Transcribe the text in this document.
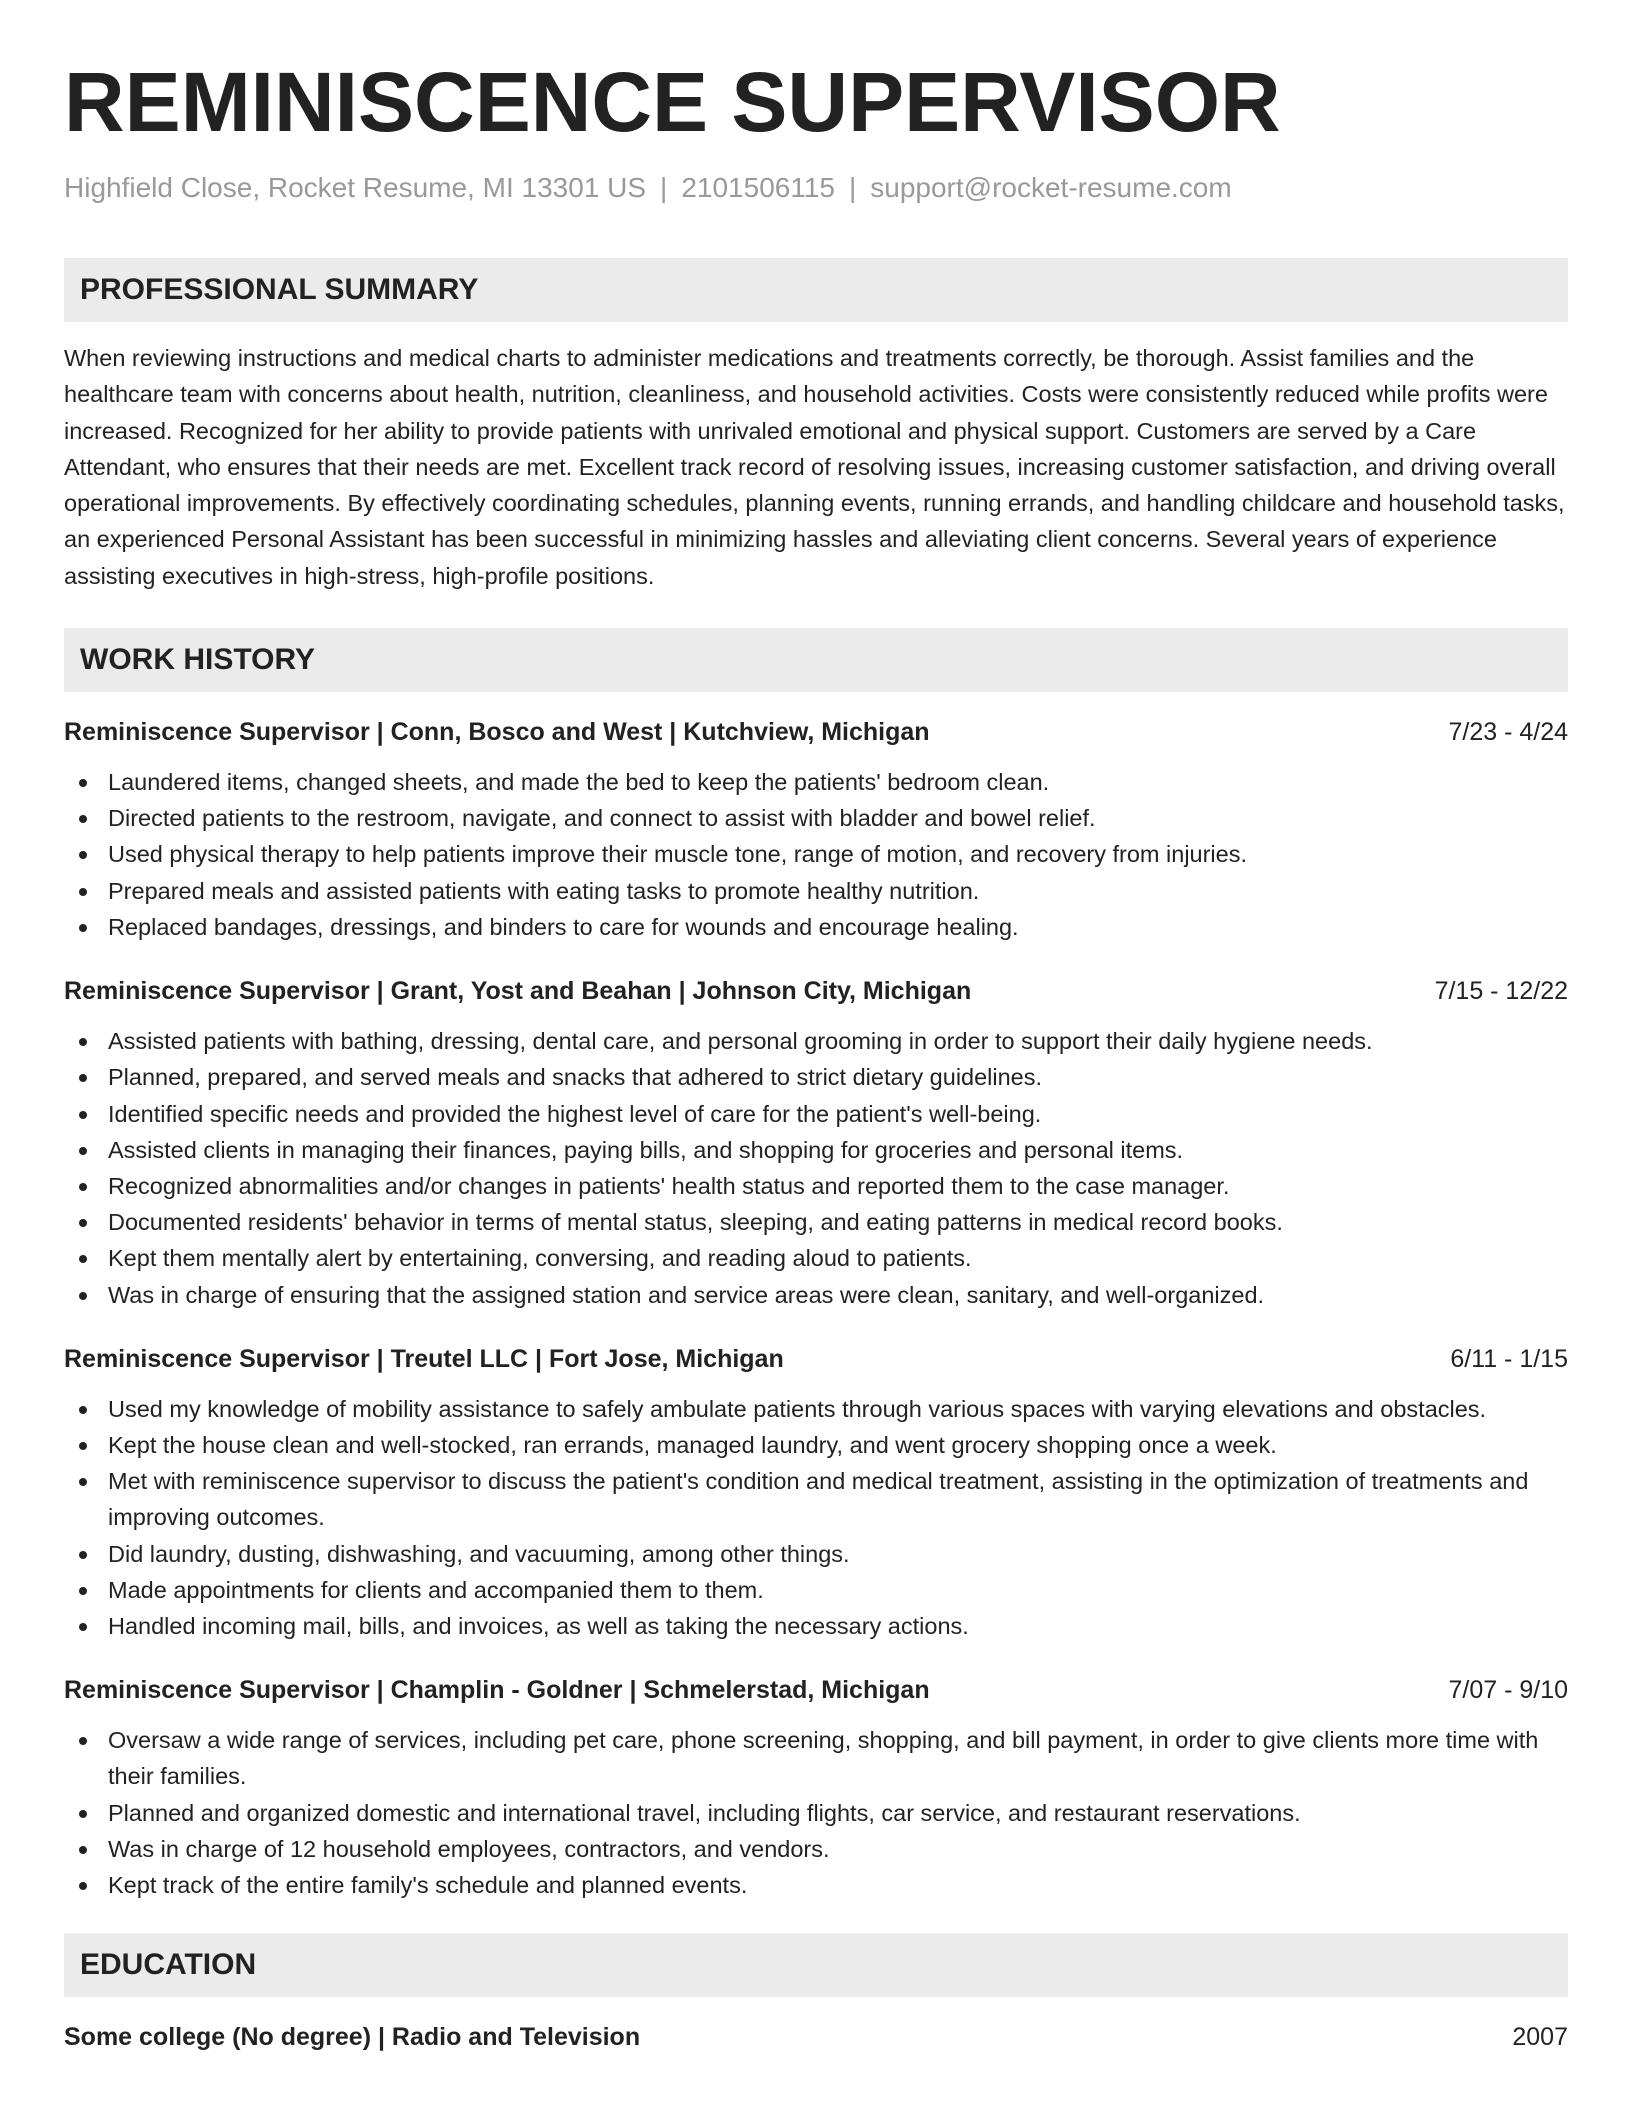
REMINISCENCE SUPERVISOR
Highfield Close, Rocket Resume, MI 13301 US | 2101506115 | support@rocket-resume.com
PROFESSIONAL SUMMARY
When reviewing instructions and medical charts to administer medications and treatments correctly, be thorough. Assist families and the healthcare team with concerns about health, nutrition, cleanliness, and household activities. Costs were consistently reduced while profits were increased. Recognized for her ability to provide patients with unrivaled emotional and physical support. Customers are served by a Care Attendant, who ensures that their needs are met. Excellent track record of resolving issues, increasing customer satisfaction, and driving overall operational improvements. By effectively coordinating schedules, planning events, running errands, and handling childcare and household tasks, an experienced Personal Assistant has been successful in minimizing hassles and alleviating client concerns. Several years of experience assisting executives in high-stress, high-profile positions.
WORK HISTORY
Reminiscence Supervisor | Conn, Bosco and West | Kutchview, Michigan	7/23 - 4/24
Laundered items, changed sheets, and made the bed to keep the patients' bedroom clean.
Directed patients to the restroom, navigate, and connect to assist with bladder and bowel relief.
Used physical therapy to help patients improve their muscle tone, range of motion, and recovery from injuries.
Prepared meals and assisted patients with eating tasks to promote healthy nutrition.
Replaced bandages, dressings, and binders to care for wounds and encourage healing.
Reminiscence Supervisor | Grant, Yost and Beahan | Johnson City, Michigan	7/15 - 12/22
Assisted patients with bathing, dressing, dental care, and personal grooming in order to support their daily hygiene needs.
Planned, prepared, and served meals and snacks that adhered to strict dietary guidelines.
Identified specific needs and provided the highest level of care for the patient's well-being.
Assisted clients in managing their finances, paying bills, and shopping for groceries and personal items.
Recognized abnormalities and/or changes in patients' health status and reported them to the case manager.
Documented residents' behavior in terms of mental status, sleeping, and eating patterns in medical record books.
Kept them mentally alert by entertaining, conversing, and reading aloud to patients.
Was in charge of ensuring that the assigned station and service areas were clean, sanitary, and well-organized.
Reminiscence Supervisor | Treutel LLC | Fort Jose, Michigan	6/11 - 1/15
Used my knowledge of mobility assistance to safely ambulate patients through various spaces with varying elevations and obstacles.
Kept the house clean and well-stocked, ran errands, managed laundry, and went grocery shopping once a week.
Met with reminiscence supervisor to discuss the patient's condition and medical treatment, assisting in the optimization of treatments and improving outcomes.
Did laundry, dusting, dishwashing, and vacuuming, among other things.
Made appointments for clients and accompanied them to them.
Handled incoming mail, bills, and invoices, as well as taking the necessary actions.
Reminiscence Supervisor | Champlin - Goldner | Schmelerstad, Michigan	7/07 - 9/10
Oversaw a wide range of services, including pet care, phone screening, shopping, and bill payment, in order to give clients more time with their families.
Planned and organized domestic and international travel, including flights, car service, and restaurant reservations.
Was in charge of 12 household employees, contractors, and vendors.
Kept track of the entire family's schedule and planned events.
EDUCATION
Some college (No degree) | Radio and Television	2007
